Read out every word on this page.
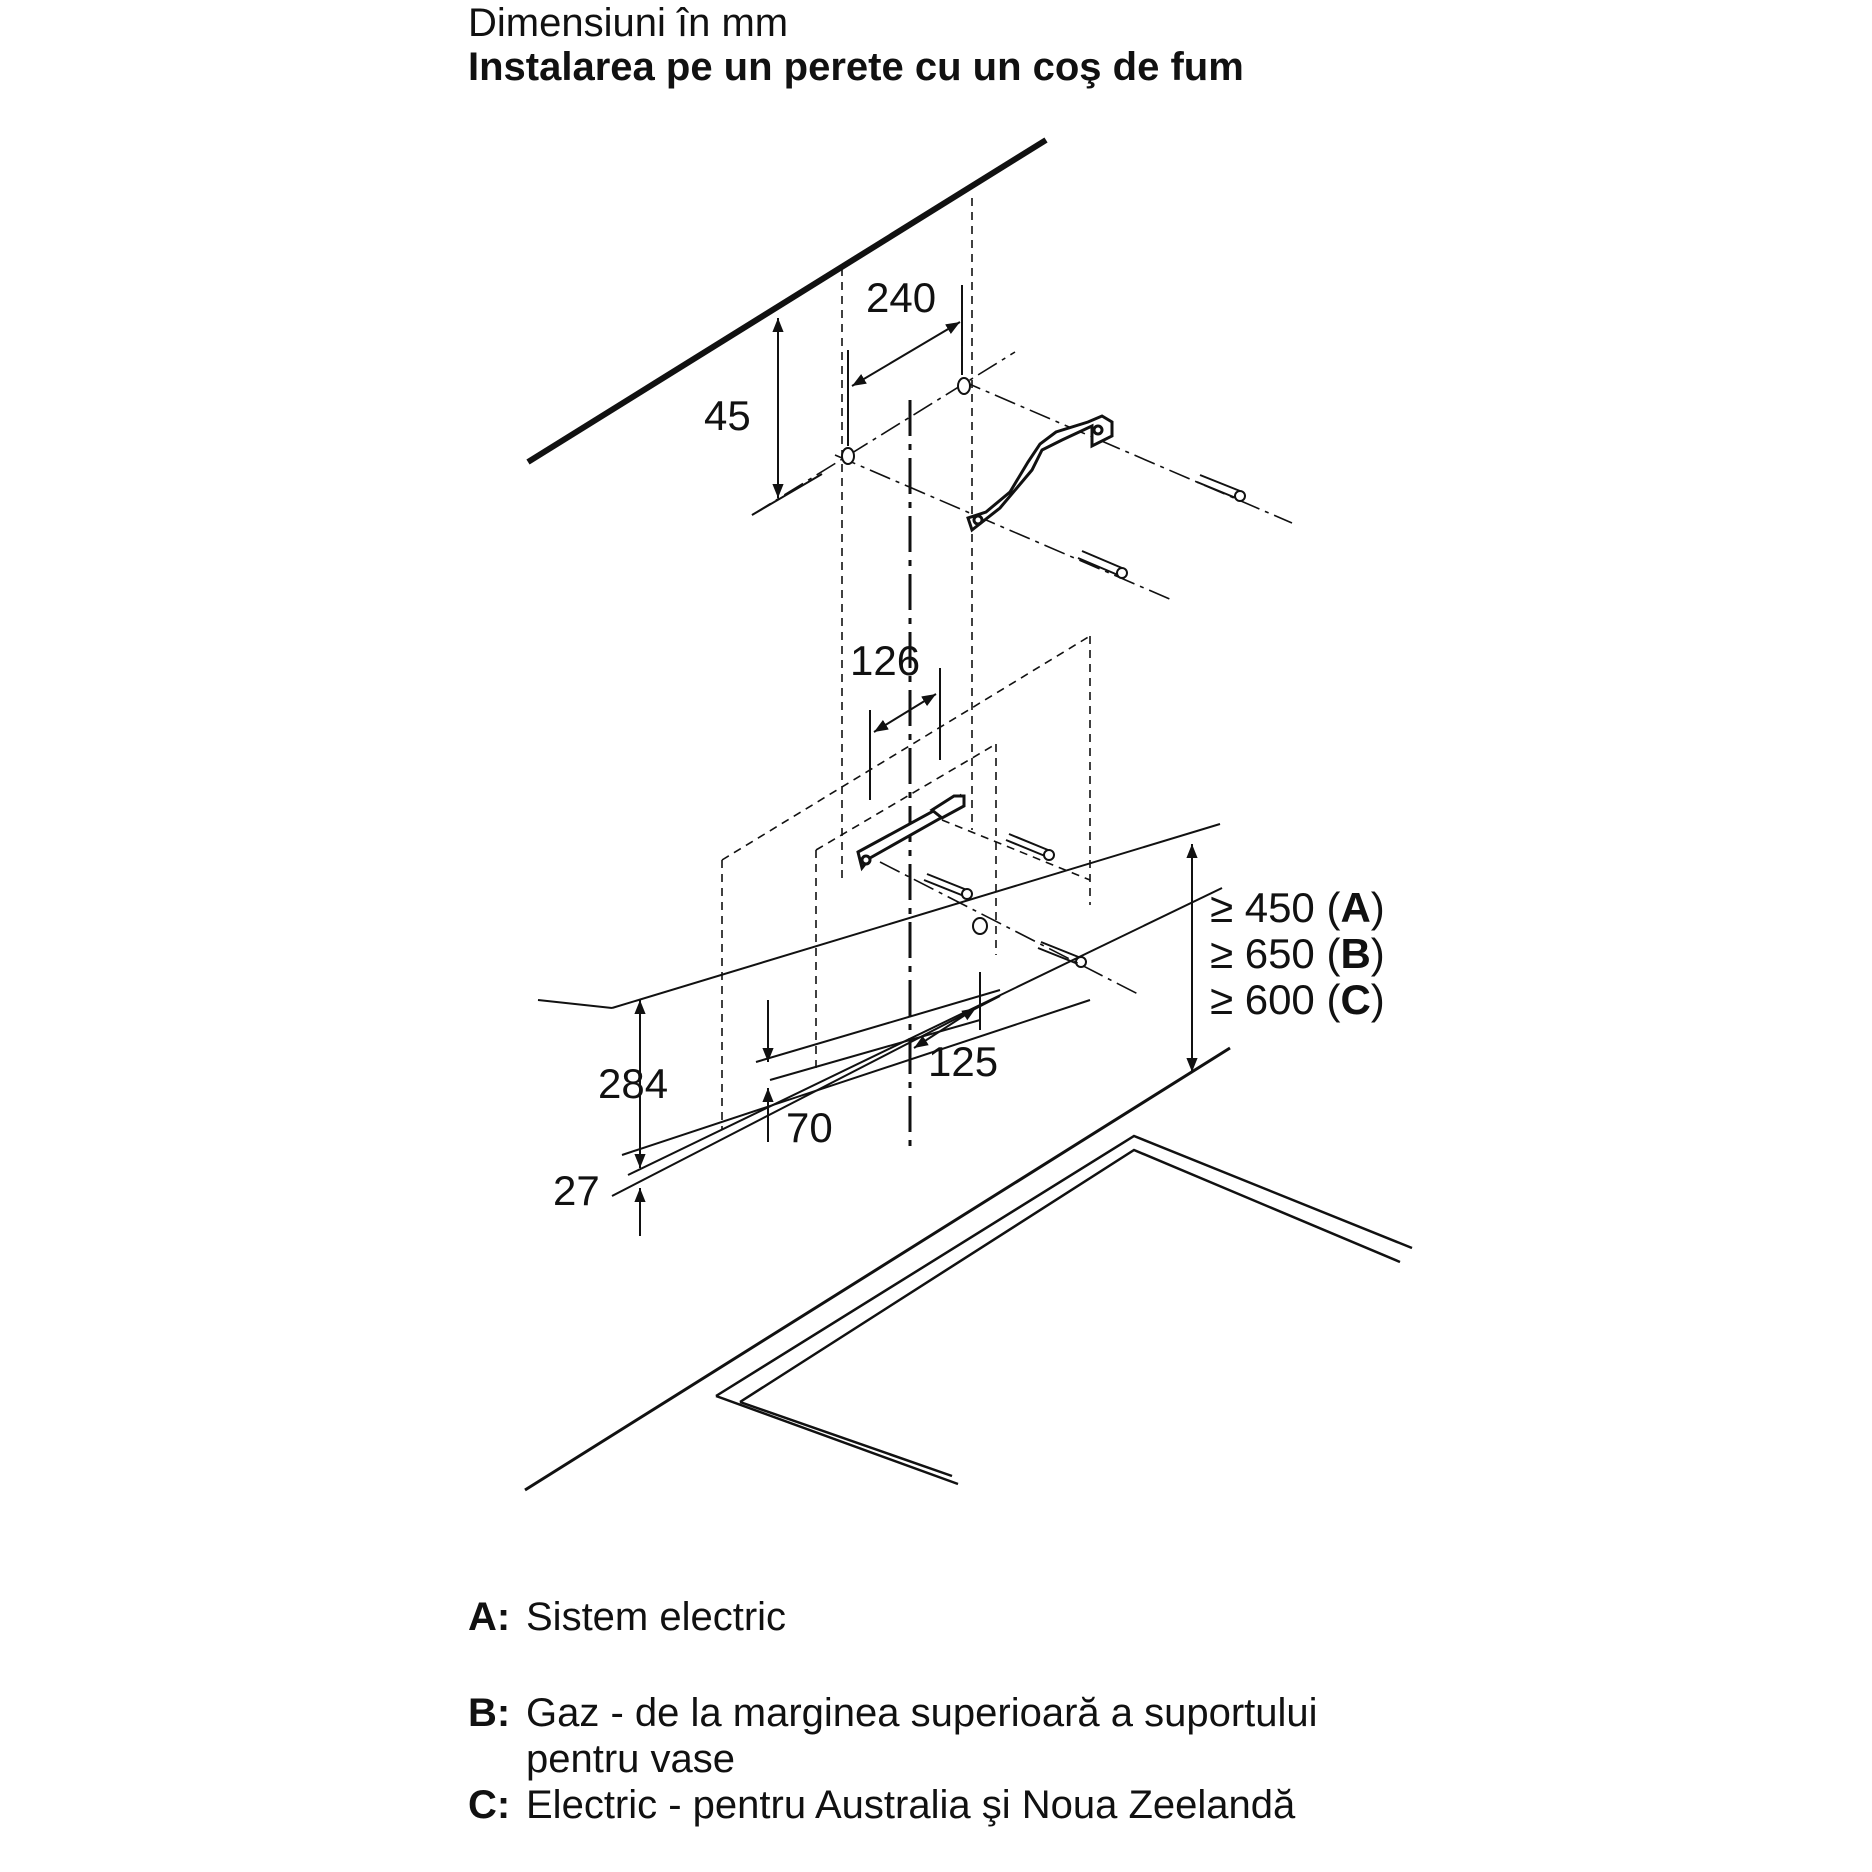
Dimensiuni în mm
Instalarea pe un perete cu un coş de fum
240
45
126
125
284
70
27
≥ 450 (A)
≥ 650 (B)
≥ 600 (C)
A: Sistem electric
B: Gaz - de la marginea superioară a suportului pentru vase
C: Electric - pentru Australia şi Noua Zeelandă
